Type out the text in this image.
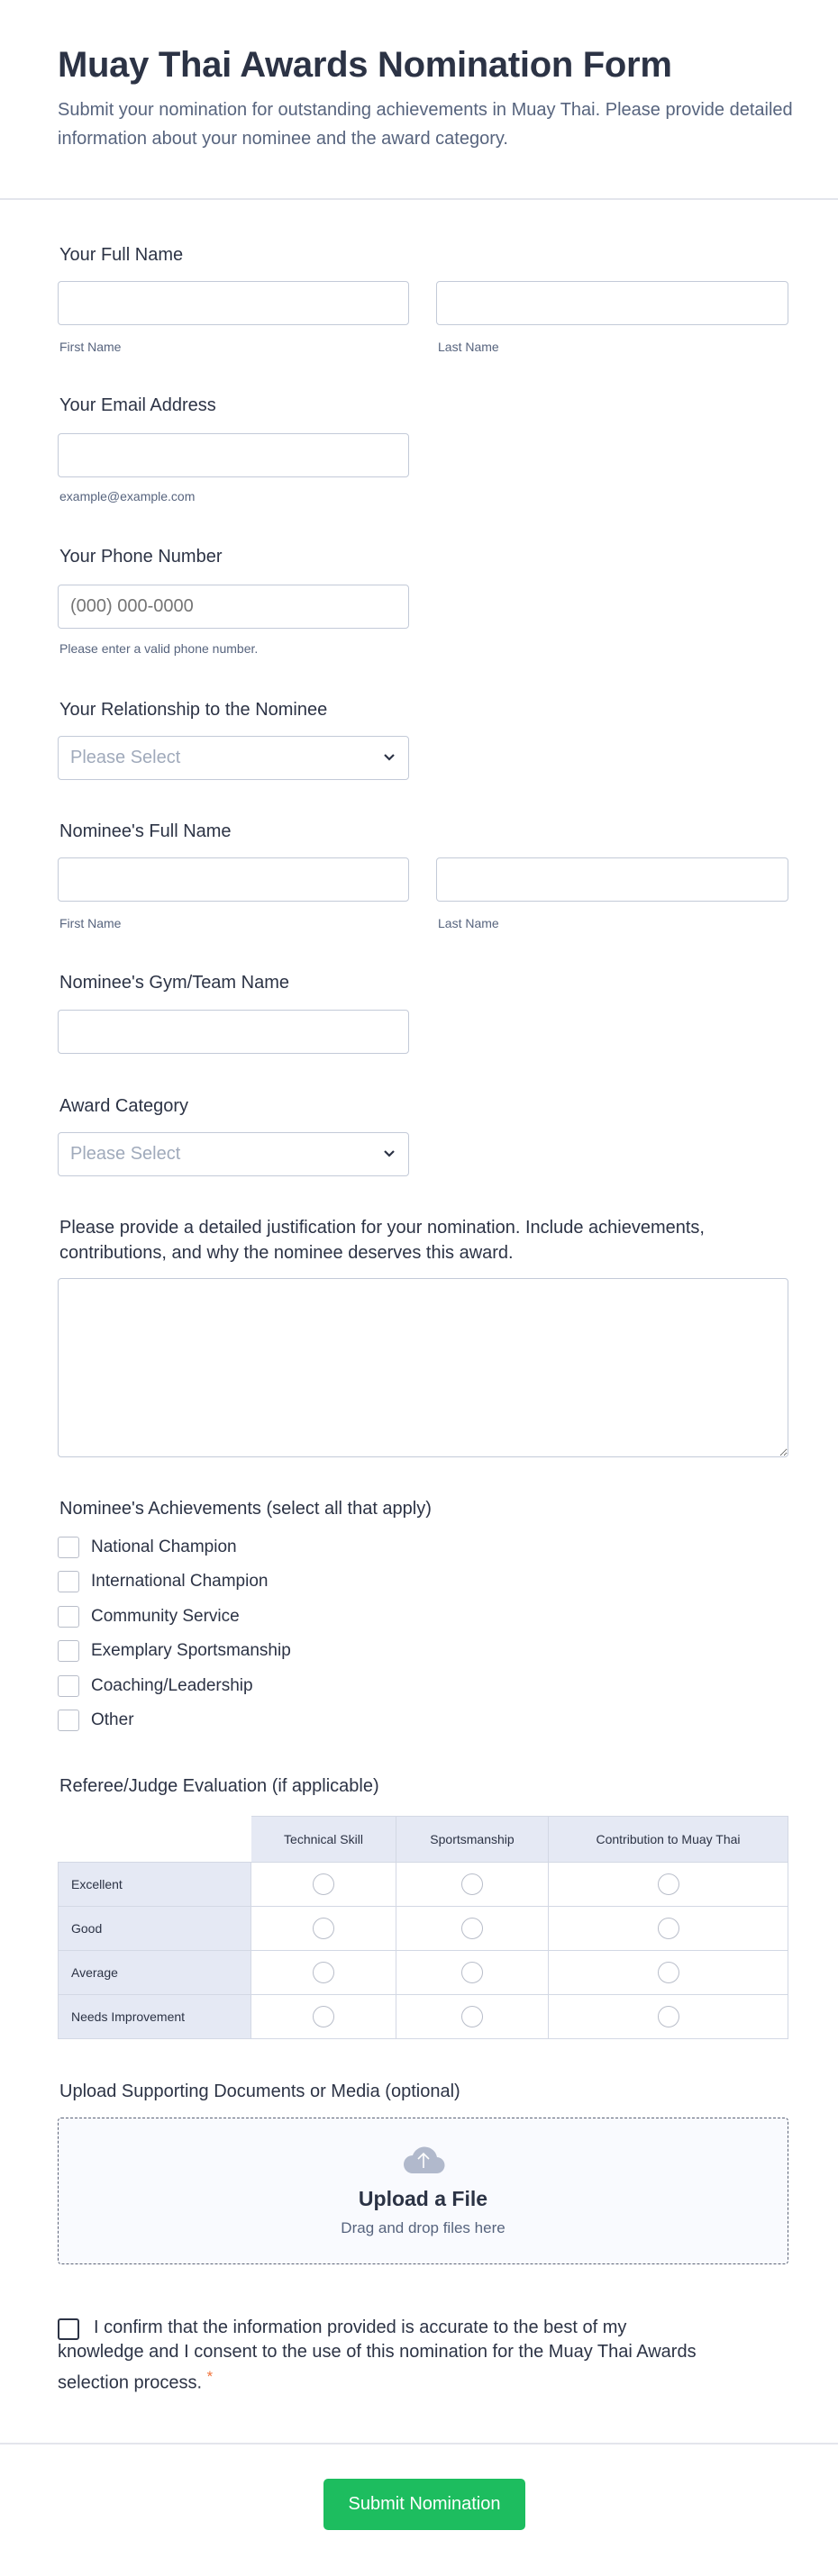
Muay Thai Awards Nomination Form

Submit your nomination for outstanding achievements in Muay Thai. Please provide detailed information about your nominee and the award category.

Your Full Name
First Name	Last Name
Your Email Address
example@example.com
Your Phone Number
(000) 000-0000
Please enter a valid phone number.
Your Relationship to the Nominee
Please Select
Nominee's Full Name
First Name	Last Name
Nominee's Gym/Team Name
Award Category
Please Select
Please provide a detailed justification for your nomination. Include achievements, contributions, and why the nominee deserves this award.
Nominee's Achievements (select all that apply)
National Champion
International Champion
Community Service
Exemplary Sportsmanship
Coaching/Leadership
Other
Referee/Judge Evaluation (if applicable)
	Technical Skill	Sportsmanship	Contribution to Muay Thai
Excellent			
Good			
Average			
Needs Improvement			
Upload Supporting Documents or Media (optional)
Upload a File
Drag and drop files here
I confirm that the information provided is accurate to the best of my knowledge and I consent to the use of this nomination for the Muay Thai Awards selection process. *
Submit Nomination
